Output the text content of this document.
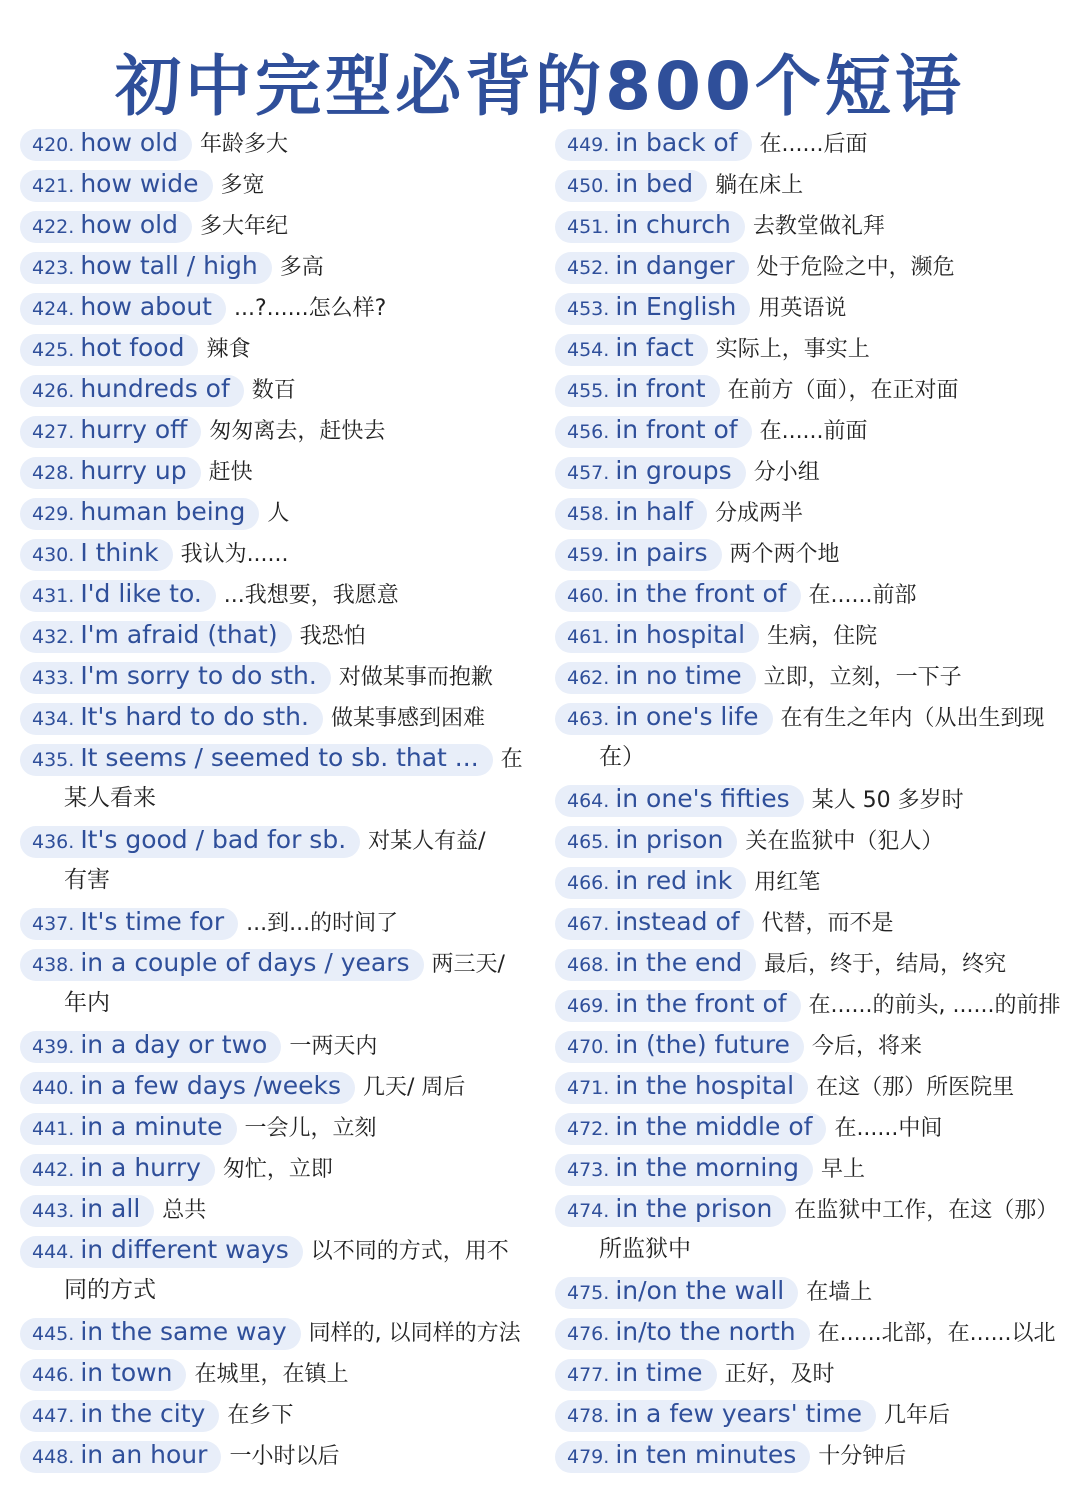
初中完型必背的800个短语
420. how old 年龄多大
421. how wide 多宽
422. how old 多大年纪
423. how tall / high 多高
424. how about ...?......怎么样?
425. hot food 辣食
426. hundreds of 数百
427. hurry off 匆匆离去，赶快去
428. hurry up 赶快
429. human being 人
430. I think 我认为......
431. I'd like to. ...我想要，我愿意
432. I'm afraid (that) 我恐怕
433. I'm sorry to do sth. 对做某事而抱歉
434. It's hard to do sth. 做某事感到困难
435. It seems / seemed to sb. that ... 在
某人看来
436. It's good / bad for sb. 对某人有益/
有害
437. It's time for ...到...的时间了
438. in a couple of days / years 两三天/
年内
439. in a day or two 一两天内
440. in a few days /weeks 几天/ 周后
441. in a minute 一会儿，立刻
442. in a hurry 匆忙，立即
443. in all 总共
444. in different ways 以不同的方式，用不
同的方式
445. in the same way 同样的, 以同样的方法
446. in town 在城里，在镇上
447. in the city 在乡下
448. in an hour 一小时以后
449. in back of 在......后面
450. in bed 躺在床上
451. in church 去教堂做礼拜
452. in danger 处于危险之中，濒危
453. in English 用英语说
454. in fact 实际上，事实上
455. in front 在前方（面），在正对面
456. in front of 在......前面
457. in groups 分小组
458. in half 分成两半
459. in pairs 两个两个地
460. in the front of 在......前部
461. in hospital 生病，住院
462. in no time 立即，立刻，一下子
463. in one's life 在有生之年内（从出生到现
在）
464. in one's fifties 某人 50 多岁时
465. in prison 关在监狱中（犯人）
466. in red ink 用红笔
467. instead of 代替，而不是
468. in the end 最后，终于，结局，终究
469. in the front of 在......的前头, ......的前排
470. in (the) future 今后，将来
471. in the hospital 在这（那）所医院里
472. in the middle of 在......中间
473. in the morning 早上
474. in the prison 在监狱中工作，在这（那）
所监狱中
475. in/on the wall 在墙上
476. in/to the north 在......北部，在......以北
477. in time 正好，及时
478. in a few years' time 几年后
479. in ten minutes 十分钟后
